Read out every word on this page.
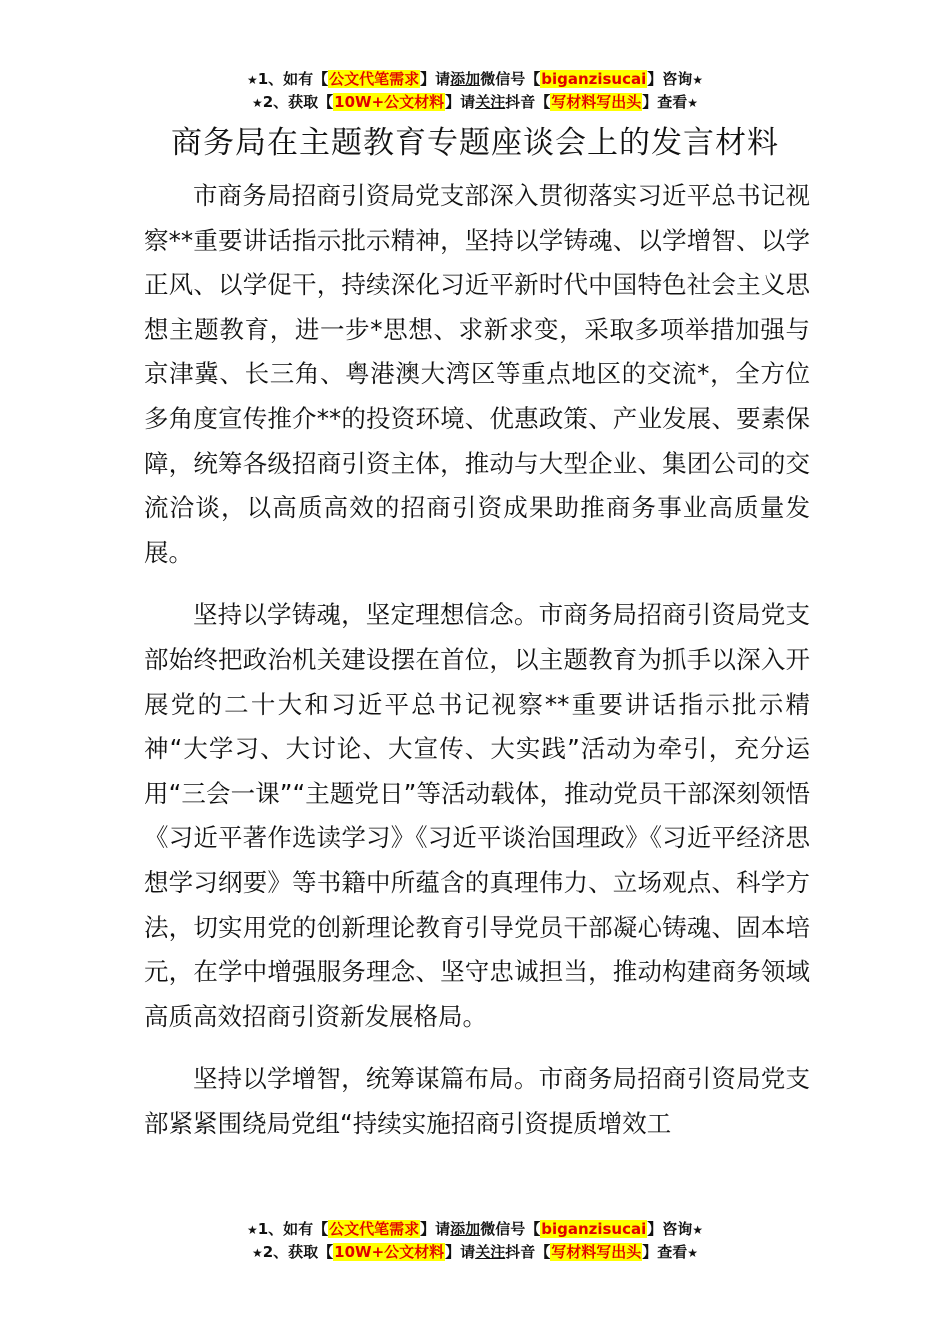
★1、如有【公文代笔需求】请添加微信号【biganzisucai】咨询★
★2、获取【10W+公文材料】请关注抖音【写材料写出头】查看★
商务局在主题教育专题座谈会上的发言材料

市商务局招商引资局党支部深入贯彻落实习近平总书记视察**重要讲话指示批示精神，坚持以学铸魂、以学增智、以学正风、以学促干，持续深化习近平新时代中国特色社会主义思想主题教育，进一步*思想、求新求变，采取多项举措加强与京津冀、长三角、粤港澳大湾区等重点地区的交流*，全方位多角度宣传推介**的投资环境、优惠政策、产业发展、要素保障，统筹各级招商引资主体，推动与大型企业、集团公司的交流洽谈，以高质高效的招商引资成果助推商务事业高质量发展。

坚持以学铸魂，坚定理想信念。市商务局招商引资局党支部始终把政治机关建设摆在首位，以主题教育为抓手以深入开展党的二十大和习近平总书记视察**重要讲话指示批示精神“大学习、大讨论、大宣传、大实践”活动为牵引，充分运用“三会一课”“主题党日”等活动载体，推动党员干部深刻领悟《习近平著作选读学习》《习近平谈治国理政》《习近平经济思想学习纲要》等书籍中所蕴含的真理伟力、立场观点、科学方法，切实用党的创新理论教育引导党员干部凝心铸魂、固本培元，在学中增强服务理念、坚守忠诚担当，推动构建商务领域高质高效招商引资新发展格局。

坚持以学增智，统筹谋篇布局。市商务局招商引资局党支部紧紧围绕局党组“持续实施招商引资提质增效工

★1、如有【公文代笔需求】请添加微信号【biganzisucai】咨询★
★2、获取【10W+公文材料】请关注抖音【写材料写出头】查看★
